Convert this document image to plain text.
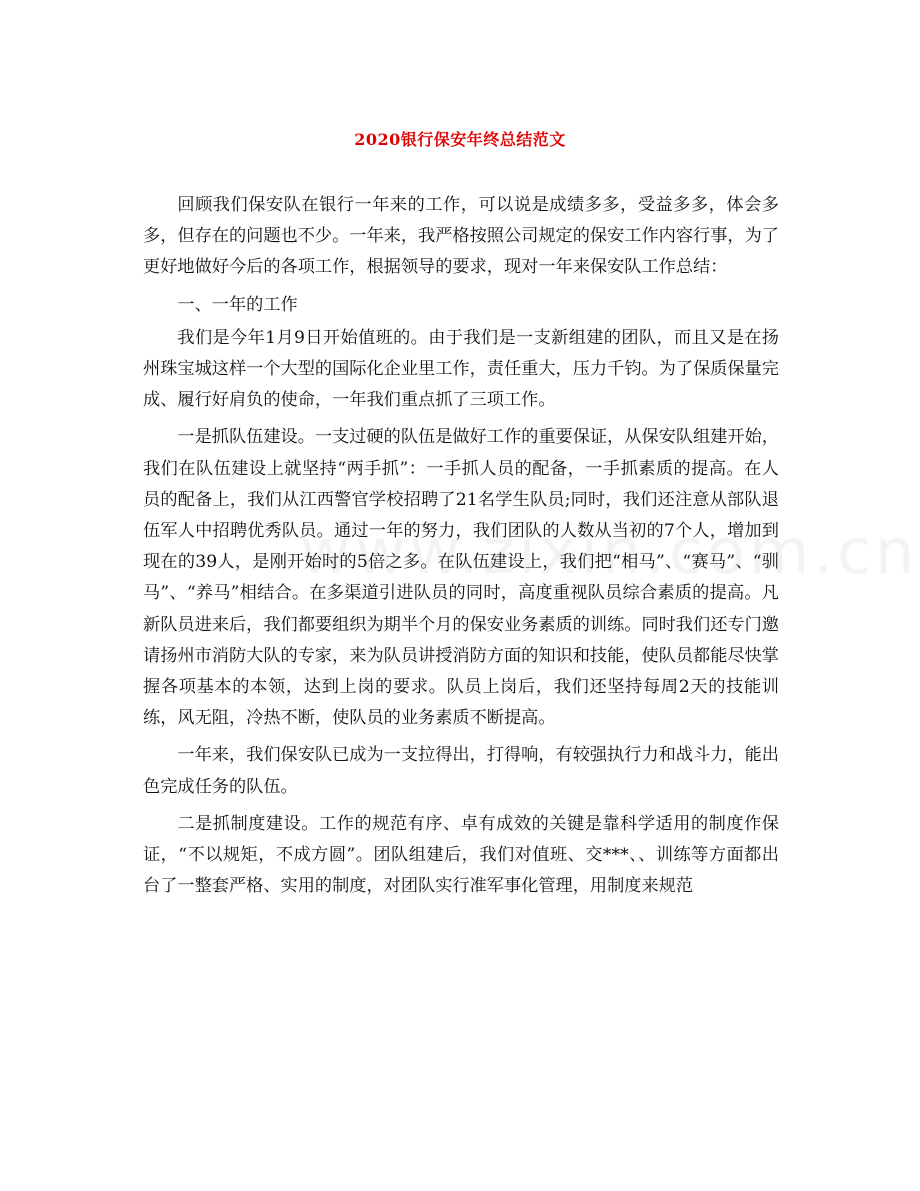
2020银行保安年终总结范文

回顾我们保安队在银行一年来的工作，可以说是成绩多多，受益多多，体会多多，但存在的问题也不少。一年来，我严格按照公司规定的保安工作内容行事，为了更好地做好今后的各项工作，根据领导的要求，现对一年来保安队工作总结：

一、一年的工作

我们是今年1月9日开始值班的。由于我们是一支新组建的团队，而且又是在扬州珠宝城这样一个大型的国际化企业里工作，责任重大，压力千钧。为了保质保量完成、履行好肩负的使命，一年我们重点抓了三项工作。

一是抓队伍建设。一支过硬的队伍是做好工作的重要保证，从保安队组建开始，我们在队伍建设上就坚持“两手抓”：一手抓人员的配备，一手抓素质的提高。在人员的配备上，我们从江西警官学校招聘了21名学生队员;同时，我们还注意从部队退伍军人中招聘优秀队员。通过一年的努力，我们团队的人数从当初的7个人，增加到现在的39人，是刚开始时的5倍之多。在队伍建设上，我们把“相马”、“赛马”、“驯马”、“养马”相结合。在多渠道引进队员的同时，高度重视队员综合素质的提高。凡新队员进来后，我们都要组织为期半个月的保安业务素质的训练。同时我们还专门邀请扬州市消防大队的专家，来为队员讲授消防方面的知识和技能，使队员都能尽快掌握各项基本的本领，达到上岗的要求。队员上岗后，我们还坚持每周2天的技能训练，风无阻，冷热不断，使队员的业务素质不断提高。

一年来，我们保安队已成为一支拉得出，打得响，有较强执行力和战斗力，能出色完成任务的队伍。

二是抓制度建设。工作的规范有序、卓有成效的关键是靠科学适用的制度作保证，“不以规矩，不成方圆”。团队组建后，我们对值班、交***、、训练等方面都出台了一整套严格、实用的制度，对团队实行准军事化管理，用制度来规范
